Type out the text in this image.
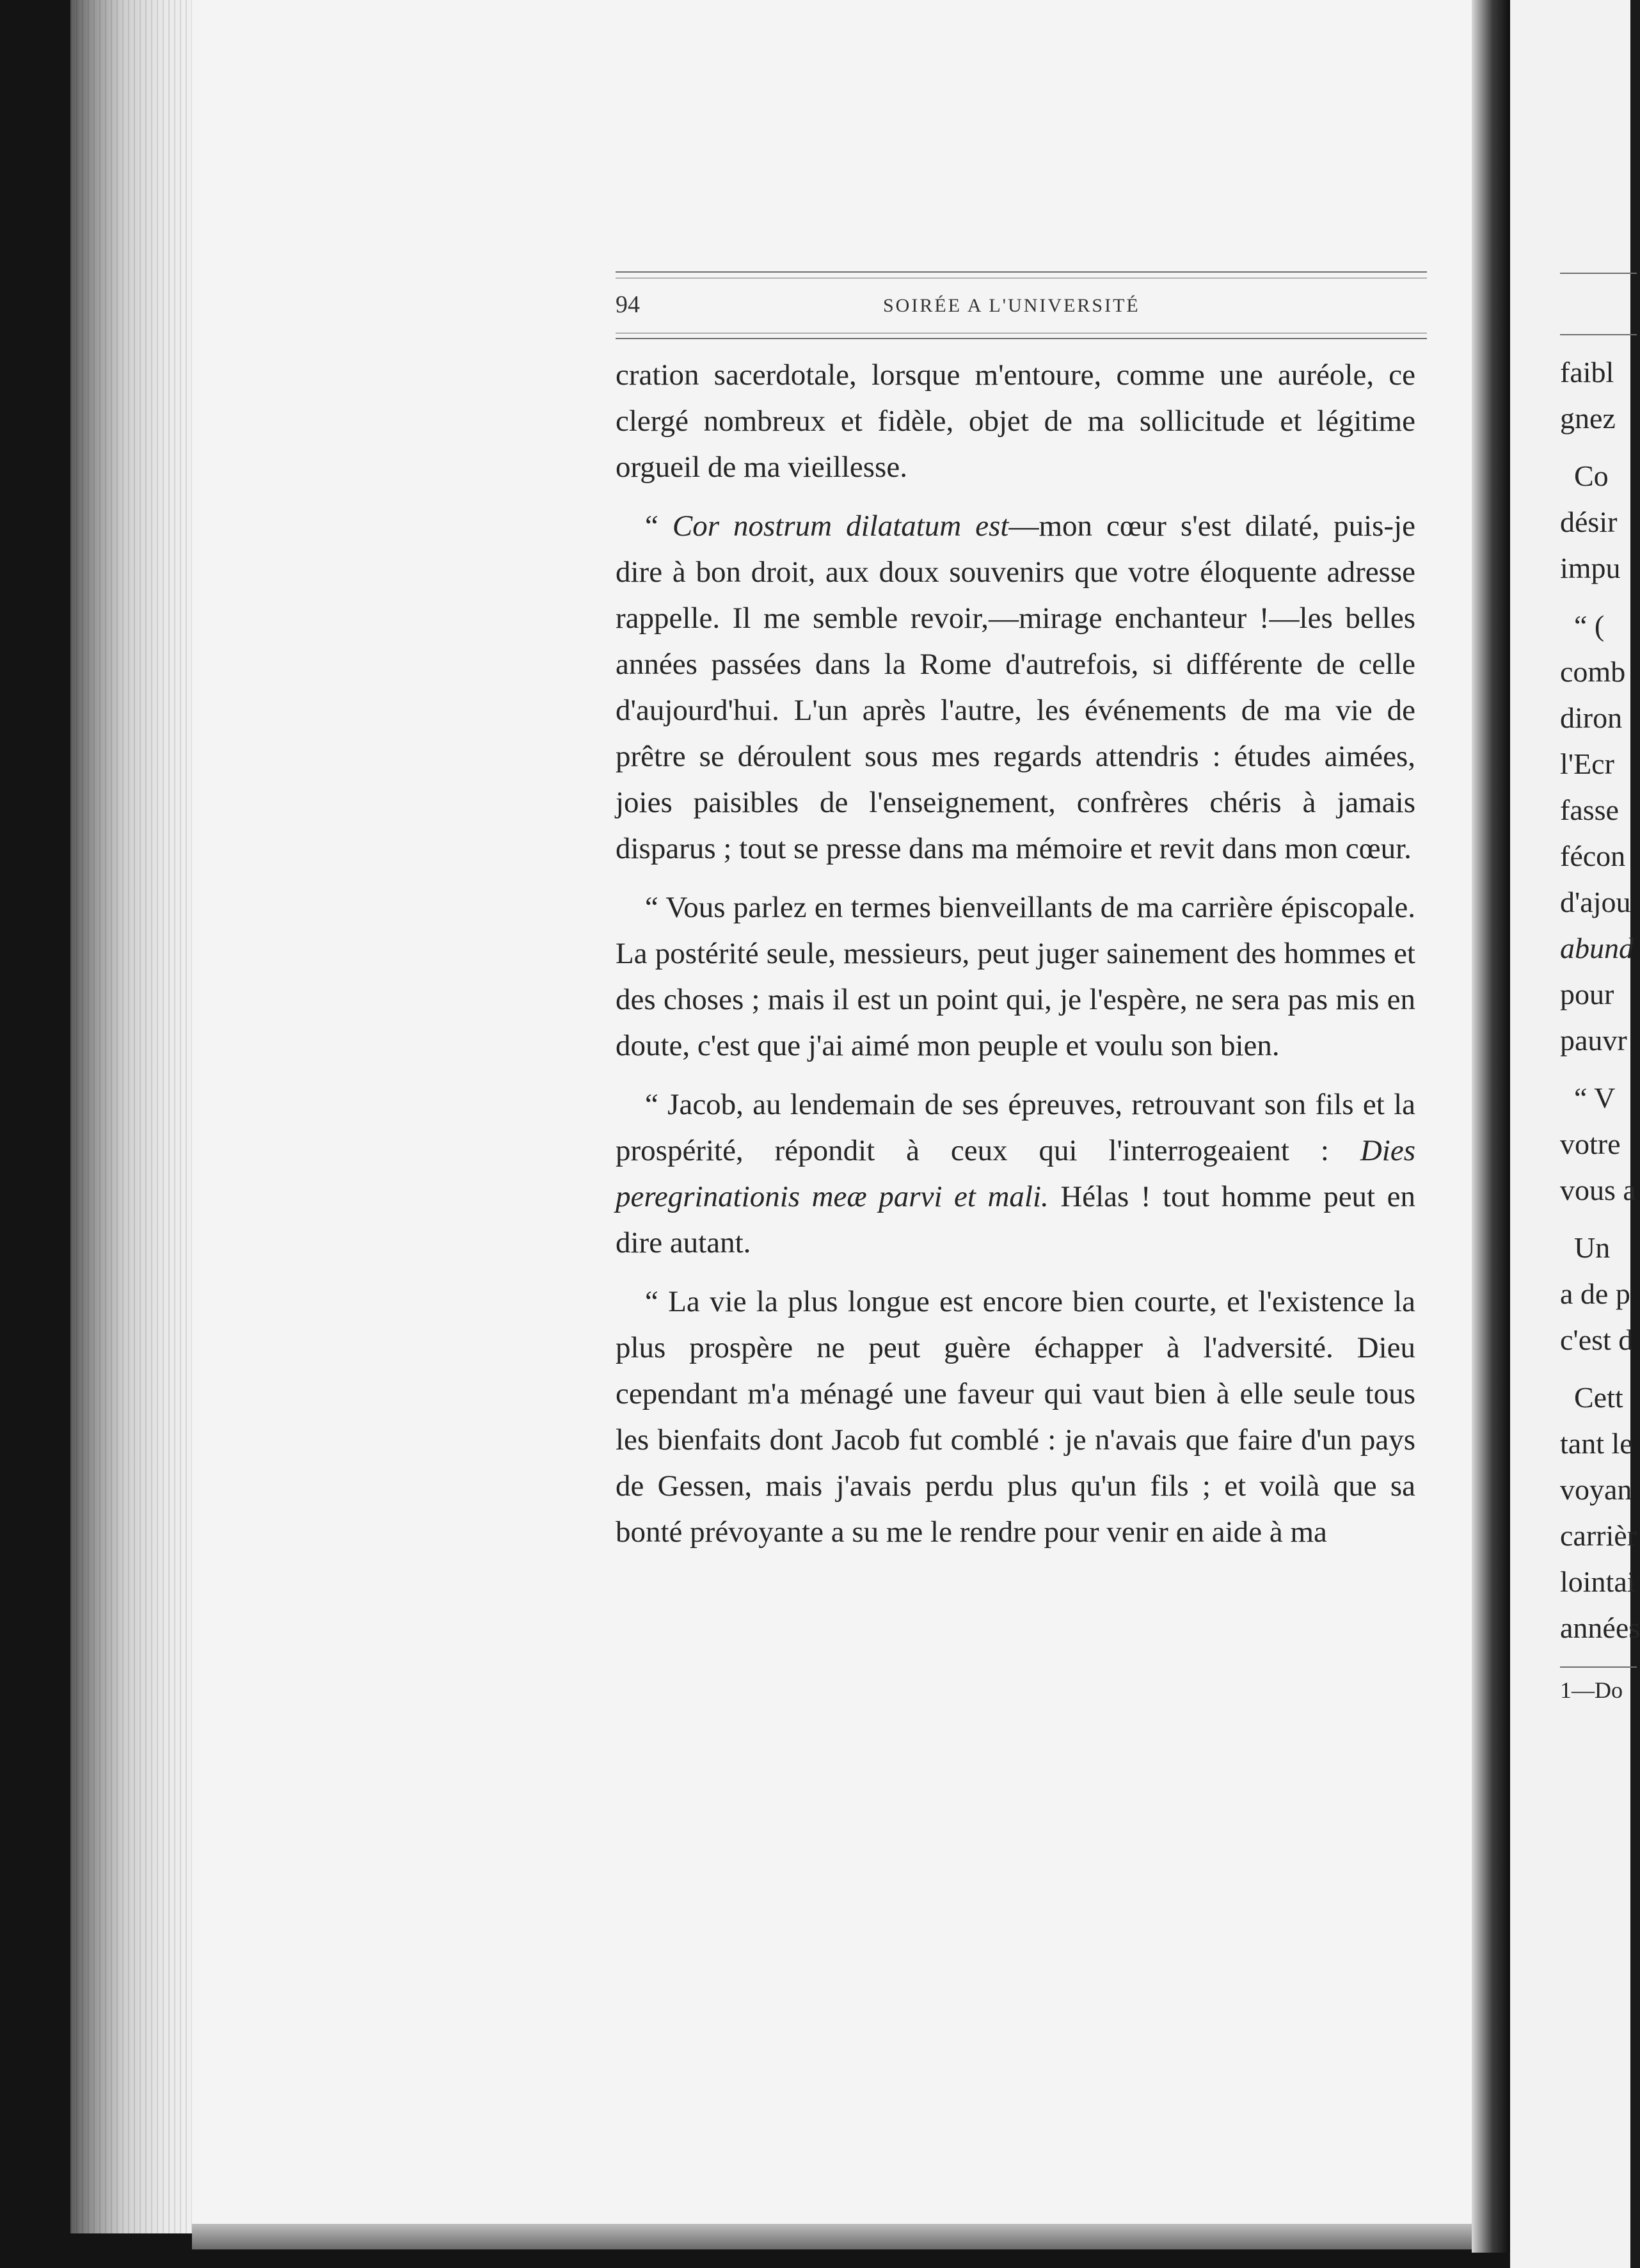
94	SOIRÉE A L'UNIVERSITÉ

cration sacerdotale, lorsque m'entoure, comme une auréole, ce clergé nombreux et fidèle, objet de ma sollicitude et légitime orgueil de ma vieillesse.

“ Cor nostrum dilatatum est—mon cœur s'est dilaté, puis-je dire à bon droit, aux doux souvenirs que votre éloquente adresse rappelle. Il me semble revoir,—mirage enchanteur !—les belles années passées dans la Rome d'autrefois, si différente de celle d'aujourd'hui. L'un après l'autre, les événements de ma vie de prêtre se déroulent sous mes regards attendris : études aimées, joies paisibles de l'enseignement, confrères chéris à jamais disparus ; tout se presse dans ma mémoire et revit dans mon cœur.

“ Vous parlez en termes bienveillants de ma carrière épiscopale. La postérité seule, messieurs, peut juger sainement des hommes et des choses ; mais il est un point qui, je l'espère, ne sera pas mis en doute, c'est que j'ai aimé mon peuple et voulu son bien.

“ Jacob, au lendemain de ses épreuves, retrouvant son fils et la prospérité, répondit à ceux qui l'interrogeaient : Dies peregrinationis meæ parvi et mali. Hélas ! tout homme peut en dire autant.

“ La vie la plus longue est encore bien courte, et l'existence la plus prospère ne peut guère échapper à l'adversité. Dieu cependant m'a ménagé une faveur qui vaut bien à elle seule tous les bienfaits dont Jacob fut comblé : je n'avais que faire d'un pays de Gessen, mais j'avais perdu plus qu'un fils ; et voilà que sa bonté prévoyante a su me le rendre pour venir en aide à ma

faibl
gnez
Co
désir
impu
“ (
comb
diron
l'Ecr
fasse
fécon
d'ajou
abund
pour
pauvr
“ V
votre
vous a
Un
a de p
c'est d
Cett
tant le
voyan
carrièr
lointai
années
1—Do
